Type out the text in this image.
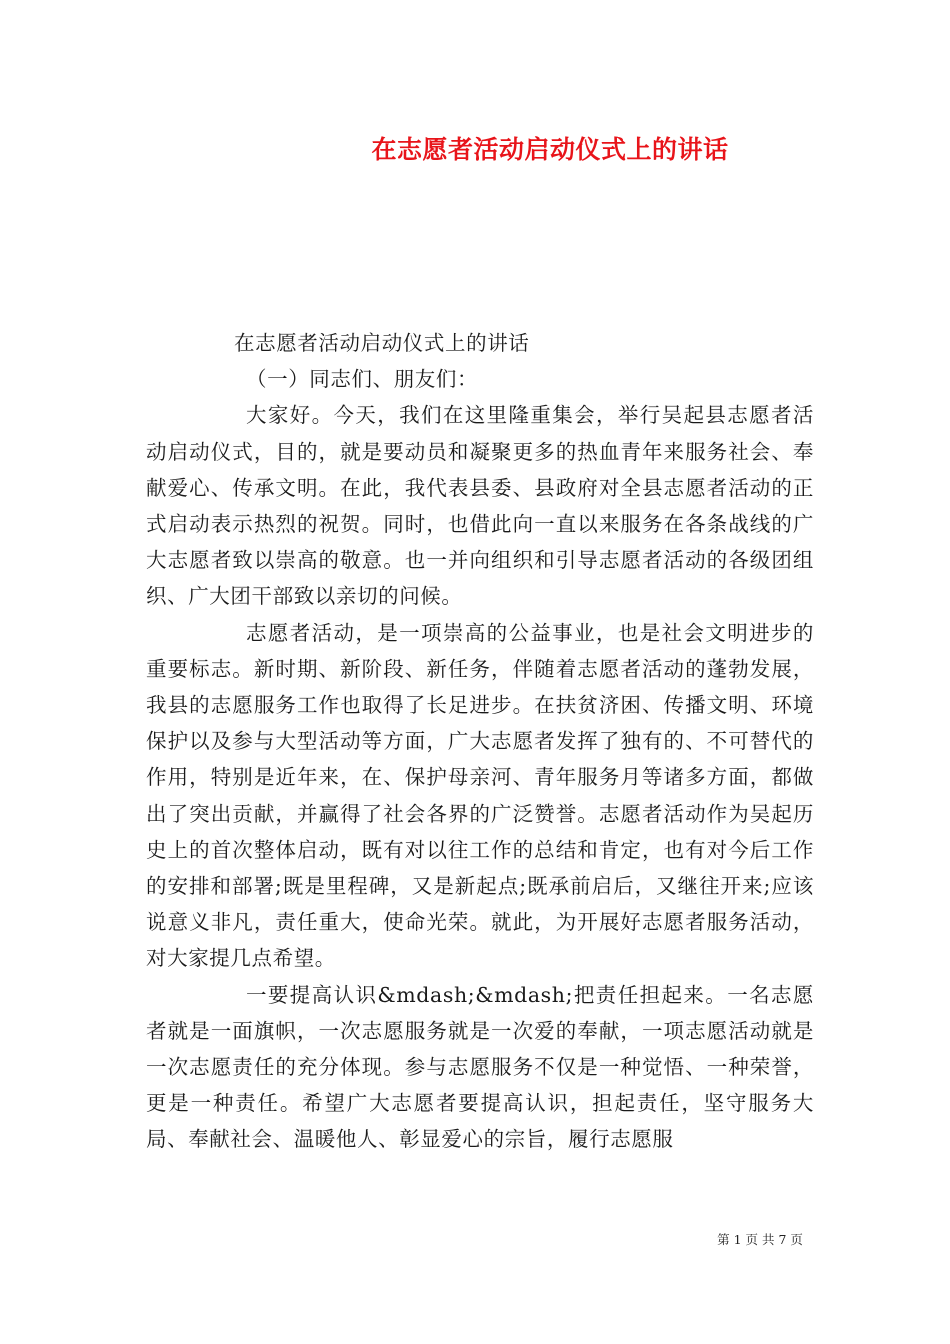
在志愿者活动启动仪式上的讲话

在志愿者活动启动仪式上的讲话

（一）同志们、朋友们：

大家好。今天，我们在这里隆重集会，举行吴起县志愿者活动启动仪式，目的，就是要动员和凝聚更多的热血青年来服务社会、奉献爱心、传承文明。在此，我代表县委、县政府对全县志愿者活动的正式启动表示热烈的祝贺。同时，也借此向一直以来服务在各条战线的广大志愿者致以崇高的敬意。也一并向组织和引导志愿者活动的各级团组织、广大团干部致以亲切的问候。

志愿者活动，是一项崇高的公益事业，也是社会文明进步的重要标志。新时期、新阶段、新任务，伴随着志愿者活动的蓬勃发展，我县的志愿服务工作也取得了长足进步。在扶贫济困、传播文明、环境保护以及参与大型活动等方面，广大志愿者发挥了独有的、不可替代的作用，特别是近年来，在、保护母亲河、青年服务月等诸多方面，都做出了突出贡献，并赢得了社会各界的广泛赞誉。志愿者活动作为吴起历史上的首次整体启动，既有对以往工作的总结和肯定，也有对今后工作的安排和部署;既是里程碑，又是新起点;既承前启后，又继往开来;应该说意义非凡，责任重大，使命光荣。就此，为开展好志愿者服务活动，对大家提几点希望。

一要提高认识&mdash;&mdash;把责任担起来。一名志愿者就是一面旗帜，一次志愿服务就是一次爱的奉献，一项志愿活动就是一次志愿责任的充分体现。参与志愿服务不仅是一种觉悟、一种荣誉，更是一种责任。希望广大志愿者要提高认识，担起责任，坚守服务大局、奉献社会、温暖他人、彰显爱心的宗旨，履行志愿服

第 1 页 共 7 页
